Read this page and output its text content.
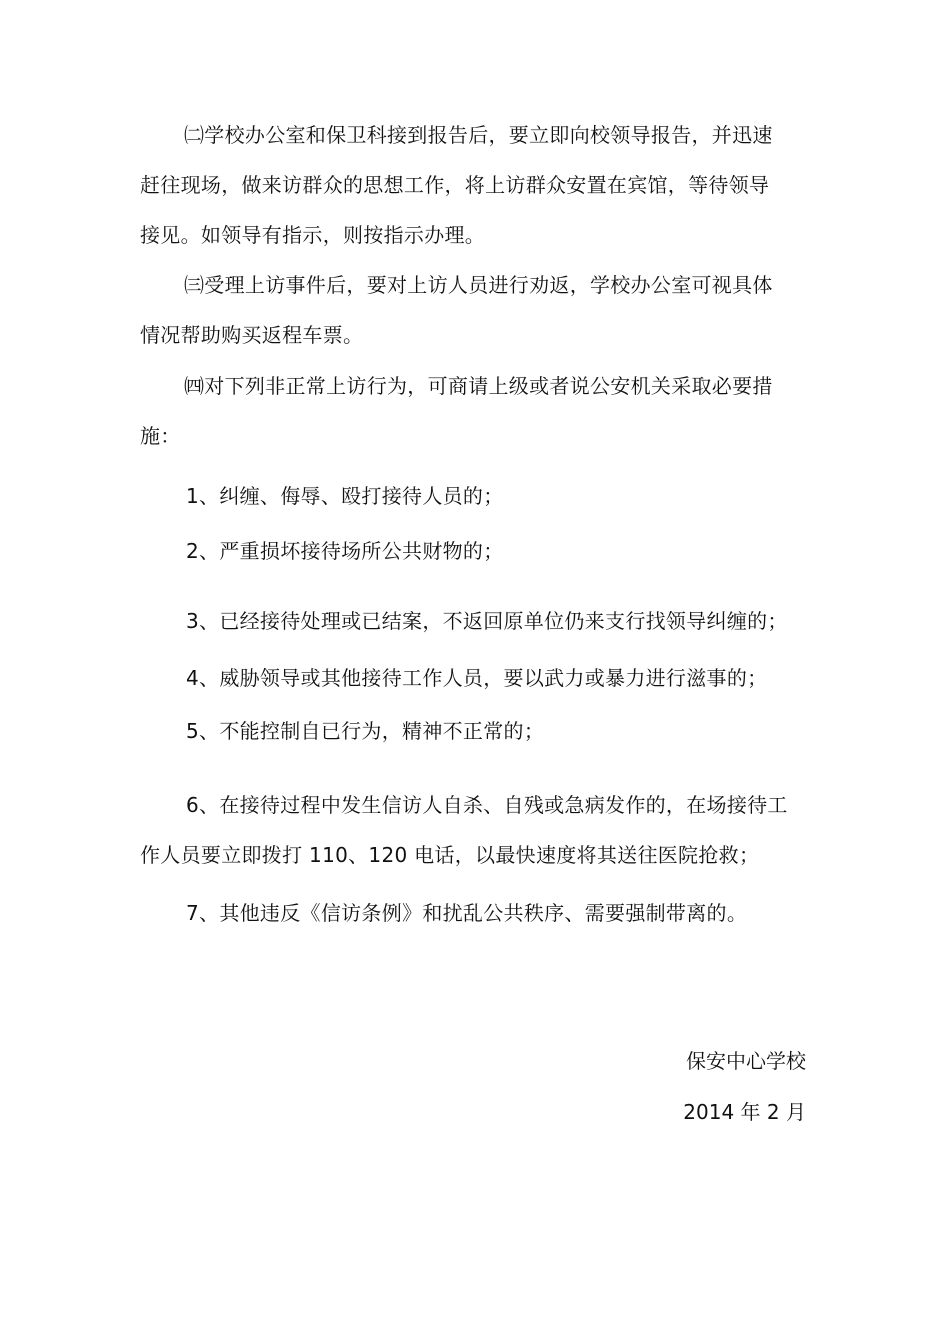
㈡学校办公室和保卫科接到报告后，要立即向校领导报告，并迅速
赶往现场，做来访群众的思想工作，将上访群众安置在宾馆，等待领导
接见。如领导有指示，则按指示办理。
㈢受理上访事件后，要对上访人员进行劝返，学校办公室可视具体
情况帮助购买返程车票。
㈣对下列非正常上访行为，可商请上级或者说公安机关采取必要措
施：
1、纠缠、侮辱、殴打接待人员的；
2、严重损坏接待场所公共财物的；
3、已经接待处理或已结案，不返回原单位仍来支行找领导纠缠的；
4、威胁领导或其他接待工作人员，要以武力或暴力进行滋事的；
5、不能控制自已行为，精神不正常的；
6、在接待过程中发生信访人自杀、自残或急病发作的，在场接待工
作人员要立即拨打 110、120 电话，以最快速度将其送往医院抢救；
7、其他违反《信访条例》和扰乱公共秩序、需要强制带离的。
保安中心学校
2014 年 2 月
